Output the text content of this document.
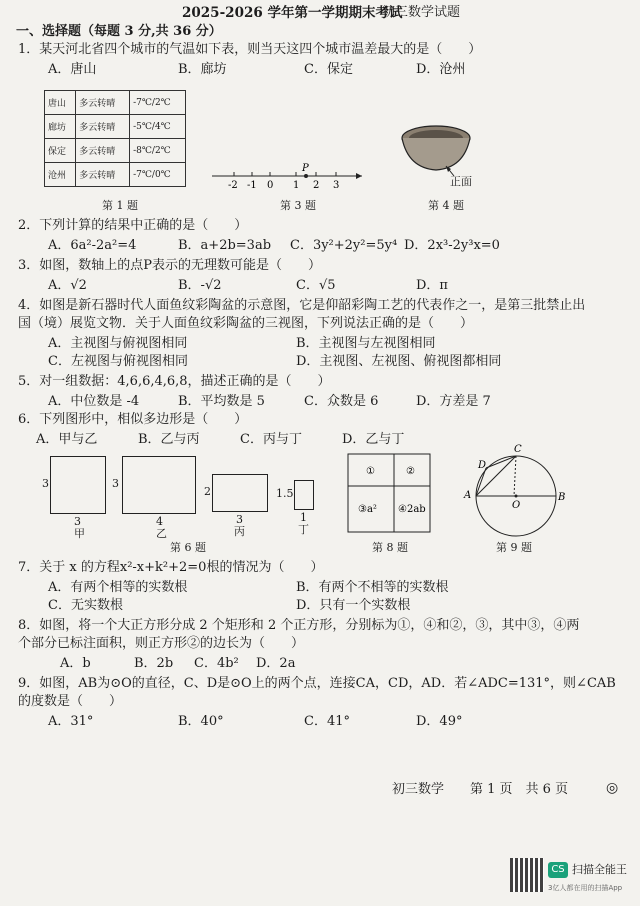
2025-2026 学年第一学期期末考试
初三数学试题
一、选择题（每题 3 分,共 36 分）
1．某天河北省四个城市的气温如下表，则当天这四个城市温差最大的是（　　）
A．唐山	B．廊坊	C．保定	D．沧州
唐山	多云转晴	-7℃/2℃
廊坊	多云转晴	-5℃/4℃
保定	多云转晴	-8℃/2℃
沧州	多云转晴	-7℃/0℃
P
-2 -1 0 1 2 3	正面
第 1 题	第 3 题	第 4 题
2．下列计算的结果中正确的是（　　）
A．6a²-2a²=4	B．a+2b=3ab C．3y²+2y²=5y⁴ D．2x³-2y³x=0
3．如图，数轴上的点P表示的无理数可能是（　　）
A．√2	B．-√2	C．√5	D．π
4．如图是新石器时代人面鱼纹彩陶盆的示意图，它是仰韶彩陶工艺的代表作之一，是第三批禁止出
国（境）展览文物．关于人面鱼纹彩陶盆的三视图，下列说法正确的是（　　）
A．主视图与俯视图相同	B．主视图与左视图相同
C．左视图与俯视图相同	D．主视图、左视图、俯视图都相同
5．对一组数据：4,6,6,4,6,8，描述正确的是（　　）
A．中位数是 -4	B．平均数是 5	C．众数是 6	D．方差是 7
6．下列图形中，相似多边形是（　　）
A．甲与乙	B．乙与丙	C．丙与丁	D．乙与丁
3
3
甲
3
4
乙
2
3
丙
1.5
1
丁
①	②
③a² ④2ab
D
C
A
O
B
第 6 题	第 8 题	第 9 题
7．关于 x 的方程x²-x+k²+2=0根的情况为（　　）
A．有两个相等的实数根	B．有两个不相等的实数根
C．无实数根	D．只有一个实数根
8．如图，将一个大正方形分成 2 个矩形和 2 个正方形，分别标为①，④和②，③，其中③，④两
个部分已标注面积，则正方形②的边长为（　　）
A．b	B．2b C．4b² D．2a
9．如图，AB为⊙O的直径，C、D是⊙O上的两个点，连接CA，CD，AD．若∠ADC=131°，则∠CAB
的度数是（　　）
A．31°	B．40°	C．41°	D．49°
初三数学　　第 1 页　共 6 页	◎
CS 扫描全能王
3亿人都在用的扫描App
